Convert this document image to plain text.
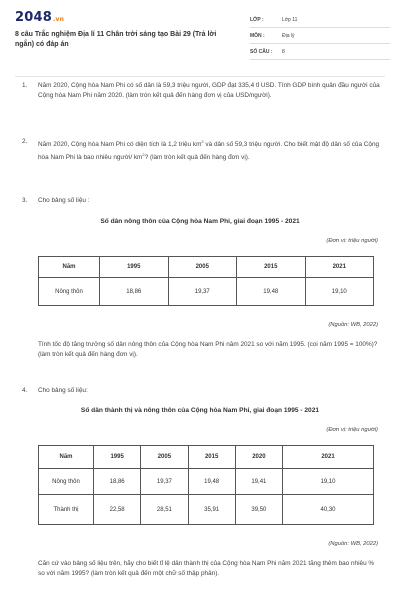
2048.vn
8 câu Trắc nghiệm Địa lí 11 Chân trời sáng tạo Bài 29 (Trả lời ngắn) có đáp án
LỚP :	Lớp 11
MÔN :	Địa lý
SỐ CÂU :	8
1.	Năm 2020, Cộng hòa Nam Phi có số dân là 59,3 triệu người, GDP đạt 335,4 tỉ USD. Tính GDP bình quân đầu người của Cộng hòa Nam Phi năm 2020. (làm tròn kết quả đến hàng đơn vị của USD/người).
2.	Năm 2020, Cộng hòa Nam Phi có diện tích là 1,2 triệu $km^2$ và dân số 59,3 triệu người. Cho biết mật độ dân số của Cộng hòa Nam Phi là bao nhiêu người/ $km^2$? (làm tròn kết quả đến hàng đơn vị).
3.	Cho bảng số liệu :
Số dân nông thôn của Cộng hòa Nam Phi, giai đoạn 1995 - 2021
(Đơn vị: triệu người)
Năm	1995	2005	2015	2021
Nông thôn	18,86	19,37	19,48	19,10
(Nguồn: WB, 2022)
Tính tốc độ tăng trưởng số dân nông thôn của Cộng hòa Nam Phi năm 2021 so với năm 1995. (coi năm 1995 = 100%)? (làm tròn kết quả đến hàng đơn vị).
4.	Cho bảng số liệu:
Số dân thành thị và nông thôn của Cộng hòa Nam Phi, giai đoạn 1995 - 2021
(Đơn vị: triệu người)
Năm	1995	2005	2015	2020	2021
Nông thôn	18,86	19,37	19,48	19,41	19,10
Thành thị	22,58	28,51	35,91	39,50	40,30
(Nguồn: WB, 2022)
Căn cứ vào bảng số liệu trên, hãy cho biết tỉ lệ dân thành thị của Cộng hòa Nam Phi năm 2021 tăng thêm bao nhiêu % so với năm 1995? (làm tròn kết quả đến một chữ số thập phân).
